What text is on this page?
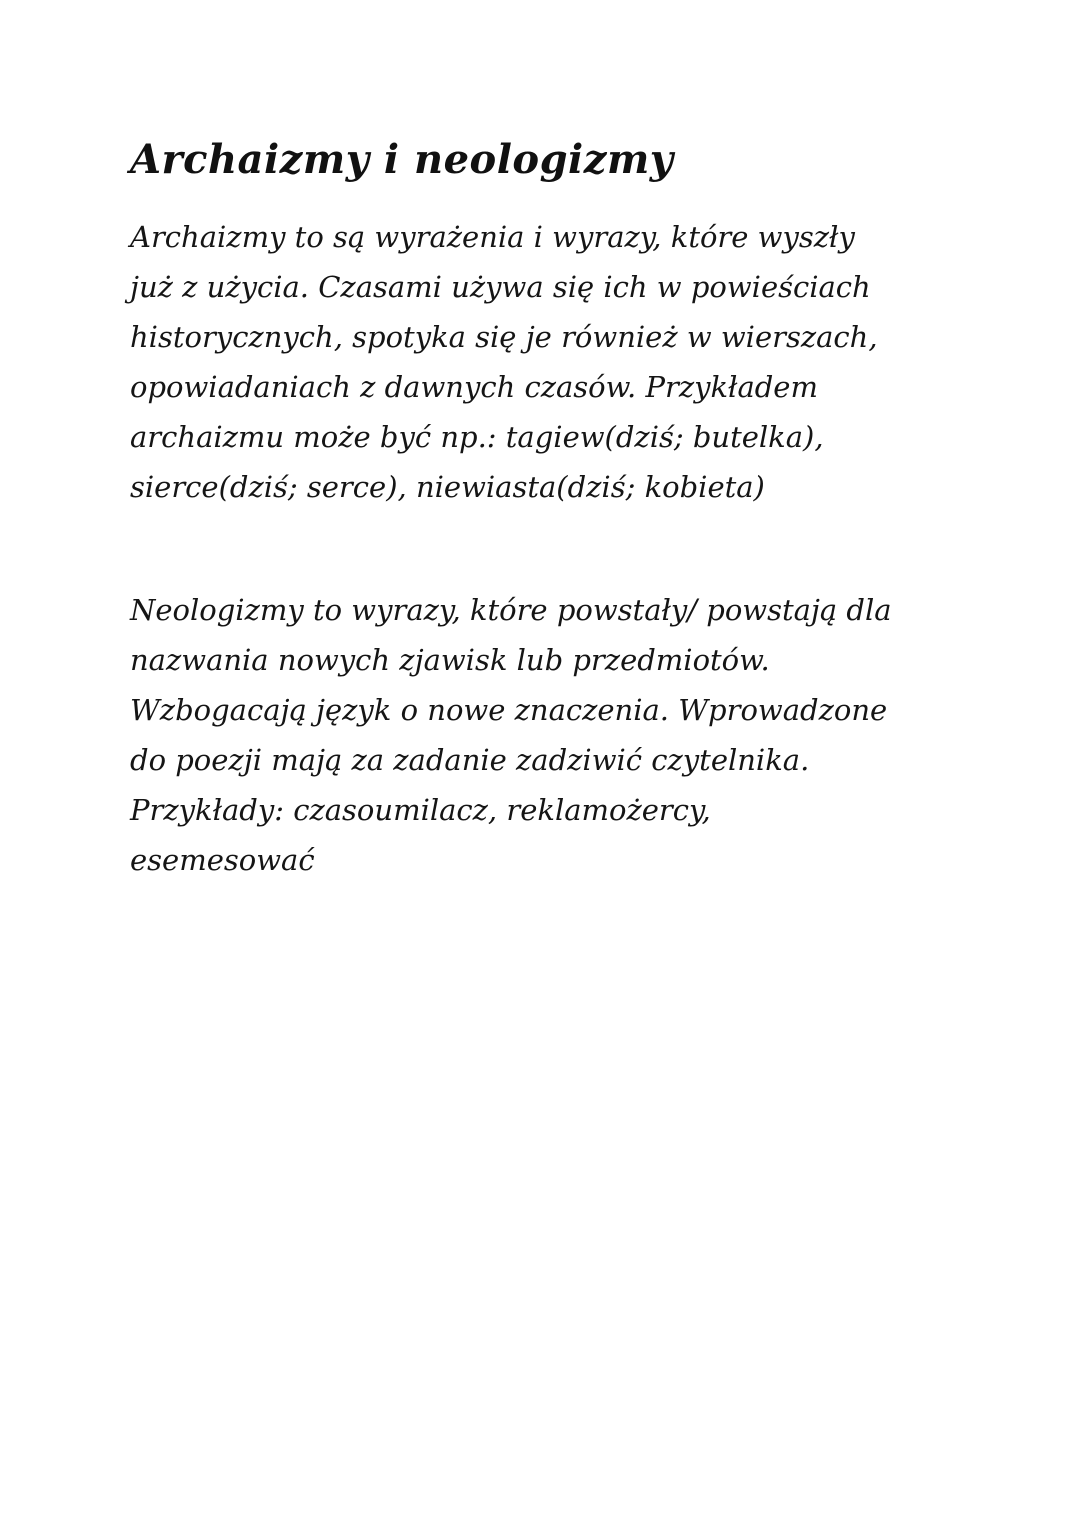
Archaizmy i neologizmy
Archaizmy to są wyrażenia i wyrazy, które wyszły
już z użycia. Czasami używa się ich w powieściach
historycznych, spotyka się je również w wierszach,
opowiadaniach z dawnych czasów. Przykładem
archaizmu może być np.: tagiew(dziś; butelka),
sierce(dziś; serce), niewiasta(dziś; kobieta)
Neologizmy to wyrazy, które powstały/ powstają dla
nazwania nowych zjawisk lub przedmiotów.
Wzbogacają język o nowe znaczenia. Wprowadzone
do poezji mają za zadanie zadziwić czytelnika.
Przykłady: czasoumilacz, reklamożercy,
esemesować
